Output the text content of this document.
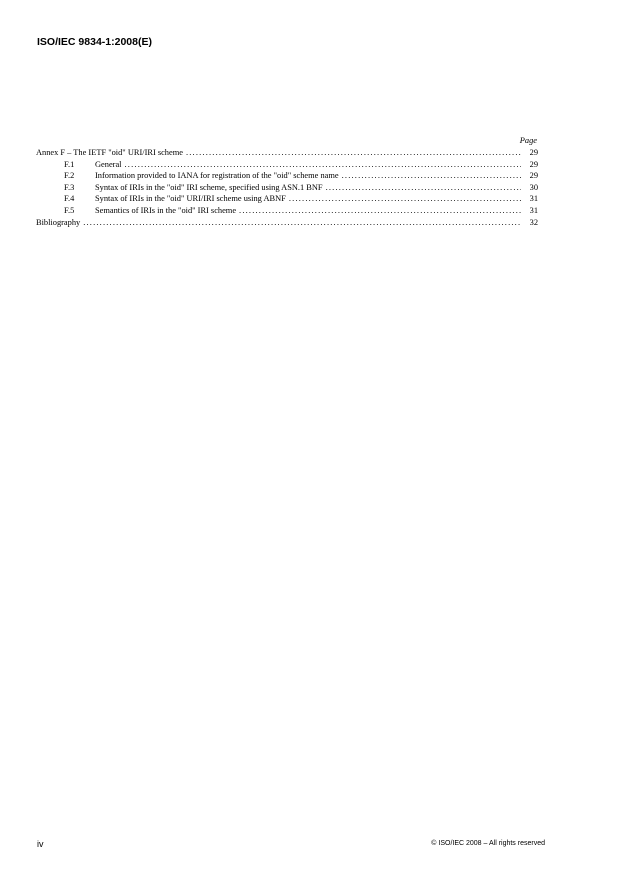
ISO/IEC 9834-1:2008(E)
Page
Annex F – The IETF "oid" URI/IRI scheme .....	29
F.1	General .....	29
F.2	Information provided to IANA for registration of the "oid" scheme name .....	29
F.3	Syntax of IRIs in the "oid" IRI scheme, specified using ASN.1 BNF .....	30
F.4	Syntax of IRIs in the "oid" URI/IRI scheme using ABNF .....	31
F.5	Semantics of IRIs in the "oid" IRI scheme .....	31
Bibliography .....	32
iv	© ISO/IEC 2008 – All rights reserved
